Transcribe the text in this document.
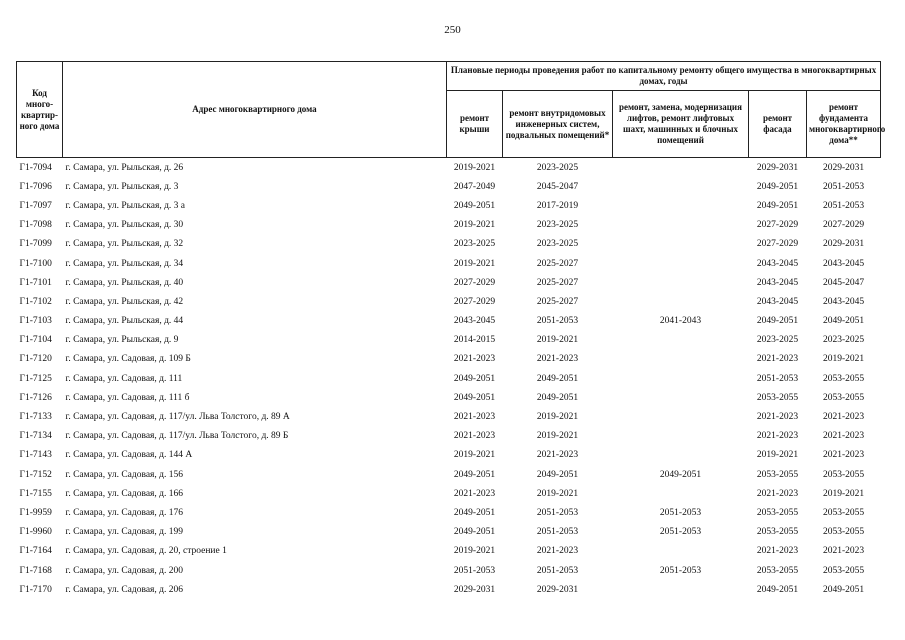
250
Код много-квартир-ного дома	Адрес многоквартирного дома	Плановые периоды проведения работ по капитальному ремонту общего имущества в многоквартирных домах, годы				
		ремонт крыши	ремонт внутридомовых инженерных систем, подвальных помещений*	ремонт, замена, модернизация лифтов, ремонт лифтовых шахт, машинных и блочных помещений	ремонт фасада	ремонт фундамента многоквартирного дома**
Г1-7094	г. Самара, ул. Рыльская, д. 26	2019-2021	2023-2025		2029-2031	2029-2031
Г1-7096	г. Самара, ул. Рыльская, д. 3	2047-2049	2045-2047		2049-2051	2051-2053
Г1-7097	г. Самара, ул. Рыльская, д. 3 а	2049-2051	2017-2019		2049-2051	2051-2053
Г1-7098	г. Самара, ул. Рыльская, д. 30	2019-2021	2023-2025		2027-2029	2027-2029
Г1-7099	г. Самара, ул. Рыльская, д. 32	2023-2025	2023-2025		2027-2029	2029-2031
Г1-7100	г. Самара, ул. Рыльская, д. 34	2019-2021	2025-2027		2043-2045	2043-2045
Г1-7101	г. Самара, ул. Рыльская, д. 40	2027-2029	2025-2027		2043-2045	2045-2047
Г1-7102	г. Самара, ул. Рыльская, д. 42	2027-2029	2025-2027		2043-2045	2043-2045
Г1-7103	г. Самара, ул. Рыльская, д. 44	2043-2045	2051-2053	2041-2043	2049-2051	2049-2051
Г1-7104	г. Самара, ул. Рыльская, д. 9	2014-2015	2019-2021		2023-2025	2023-2025
Г1-7120	г. Самара, ул. Садовая, д. 109 Б	2021-2023	2021-2023		2021-2023	2019-2021
Г1-7125	г. Самара, ул. Садовая, д. 111	2049-2051	2049-2051		2051-2053	2053-2055
Г1-7126	г. Самара, ул. Садовая, д. 111 б	2049-2051	2049-2051		2053-2055	2053-2055
Г1-7133	г. Самара, ул. Садовая, д. 117/ул. Льва Толстого, д. 89 А	2021-2023	2019-2021		2021-2023	2021-2023
Г1-7134	г. Самара, ул. Садовая, д. 117/ул. Льва Толстого, д. 89 Б	2021-2023	2019-2021		2021-2023	2021-2023
Г1-7143	г. Самара, ул. Садовая, д. 144 А	2019-2021	2021-2023		2019-2021	2021-2023
Г1-7152	г. Самара, ул. Садовая, д. 156	2049-2051	2049-2051	2049-2051	2053-2055	2053-2055
Г1-7155	г. Самара, ул. Садовая, д. 166	2021-2023	2019-2021		2021-2023	2019-2021
Г1-9959	г. Самара, ул. Садовая, д. 176	2049-2051	2051-2053	2051-2053	2053-2055	2053-2055
Г1-9960	г. Самара, ул. Садовая, д. 199	2049-2051	2051-2053	2051-2053	2053-2055	2053-2055
Г1-7164	г. Самара, ул. Садовая, д. 20, строение 1	2019-2021	2021-2023		2021-2023	2021-2023
Г1-7168	г. Самара, ул. Садовая, д. 200	2051-2053	2051-2053	2051-2053	2053-2055	2053-2055
Г1-7170	г. Самара, ул. Садовая, д. 206	2029-2031	2029-2031		2049-2051	2049-2051
